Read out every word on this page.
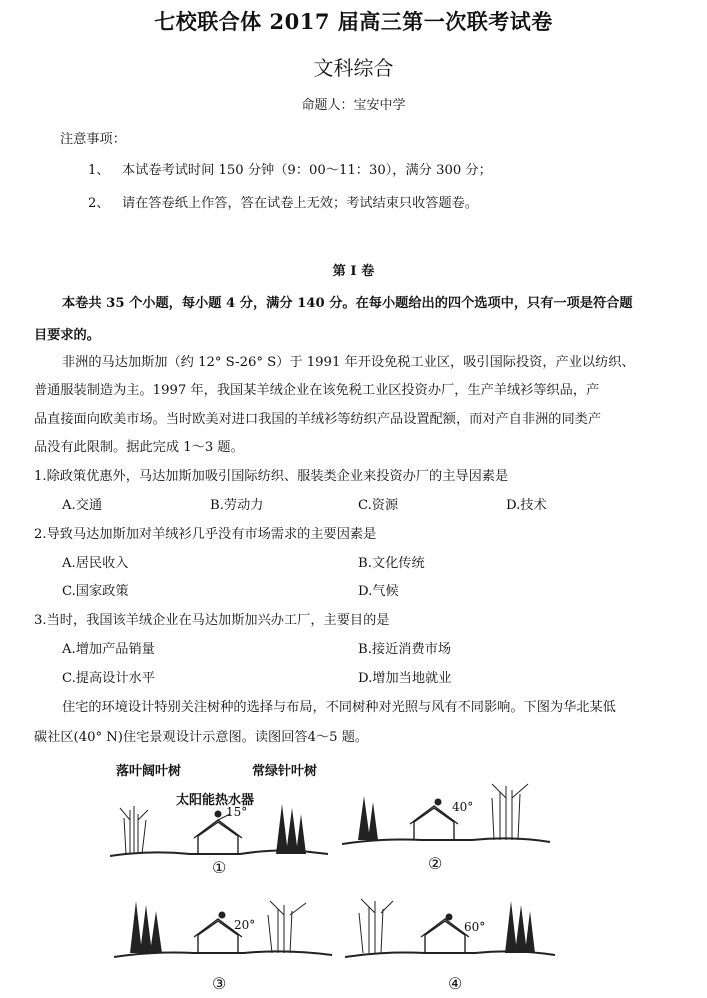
七校联合体 2017 届高三第一次联考试卷
文科综合
命题人：宝安中学
注意事项：
1、 本试卷考试时间 150 分钟（9：00～11：30），满分 300 分；
2、 请在答卷纸上作答，答在试卷上无效；考试结束只收答题卷。
第 I 卷
本卷共 35 个小题，每小题 4 分，满分 140 分。在每小题给出的四个选项中，只有一项是符合题
目要求的。
非洲的马达加斯加（约 12° S-26° S）于 1991 年开设免税工业区，吸引国际投资，产业以纺织、
普通服装制造为主。1997 年，我国某羊绒企业在该免税工业区投资办厂，生产羊绒衫等织品，产
品直接面向欧美市场。当时欧美对进口我国的羊绒衫等纺织产品设置配额，而对产自非洲的同类产
品没有此限制。据此完成 1～3 题。
1.除政策优惠外，马达加斯加吸引国际纺织、服装类企业来投资办厂的主导因素是
A.交通	B.劳动力	C.资源	D.技术
2.导致马达加斯加对羊绒衫几乎没有市场需求的主要因素是
A.居民收入	B.文化传统
C.国家政策	D.气候
3.当时，我国该羊绒企业在马达加斯加兴办工厂，主要目的是
A.增加产品销量	B.接近消费市场
C.提高设计水平	D.增加当地就业
住宅的环境设计特别关注树种的选择与布局，不同树种对光照与风有不同影响。下图为华北某低
碳社区(40° N)住宅景观设计示意图。读图回答4～5 题。
落叶阔叶树	常绿针叶树
太阳能热水器
15°
①
40°
②
20°
③
60°
④
